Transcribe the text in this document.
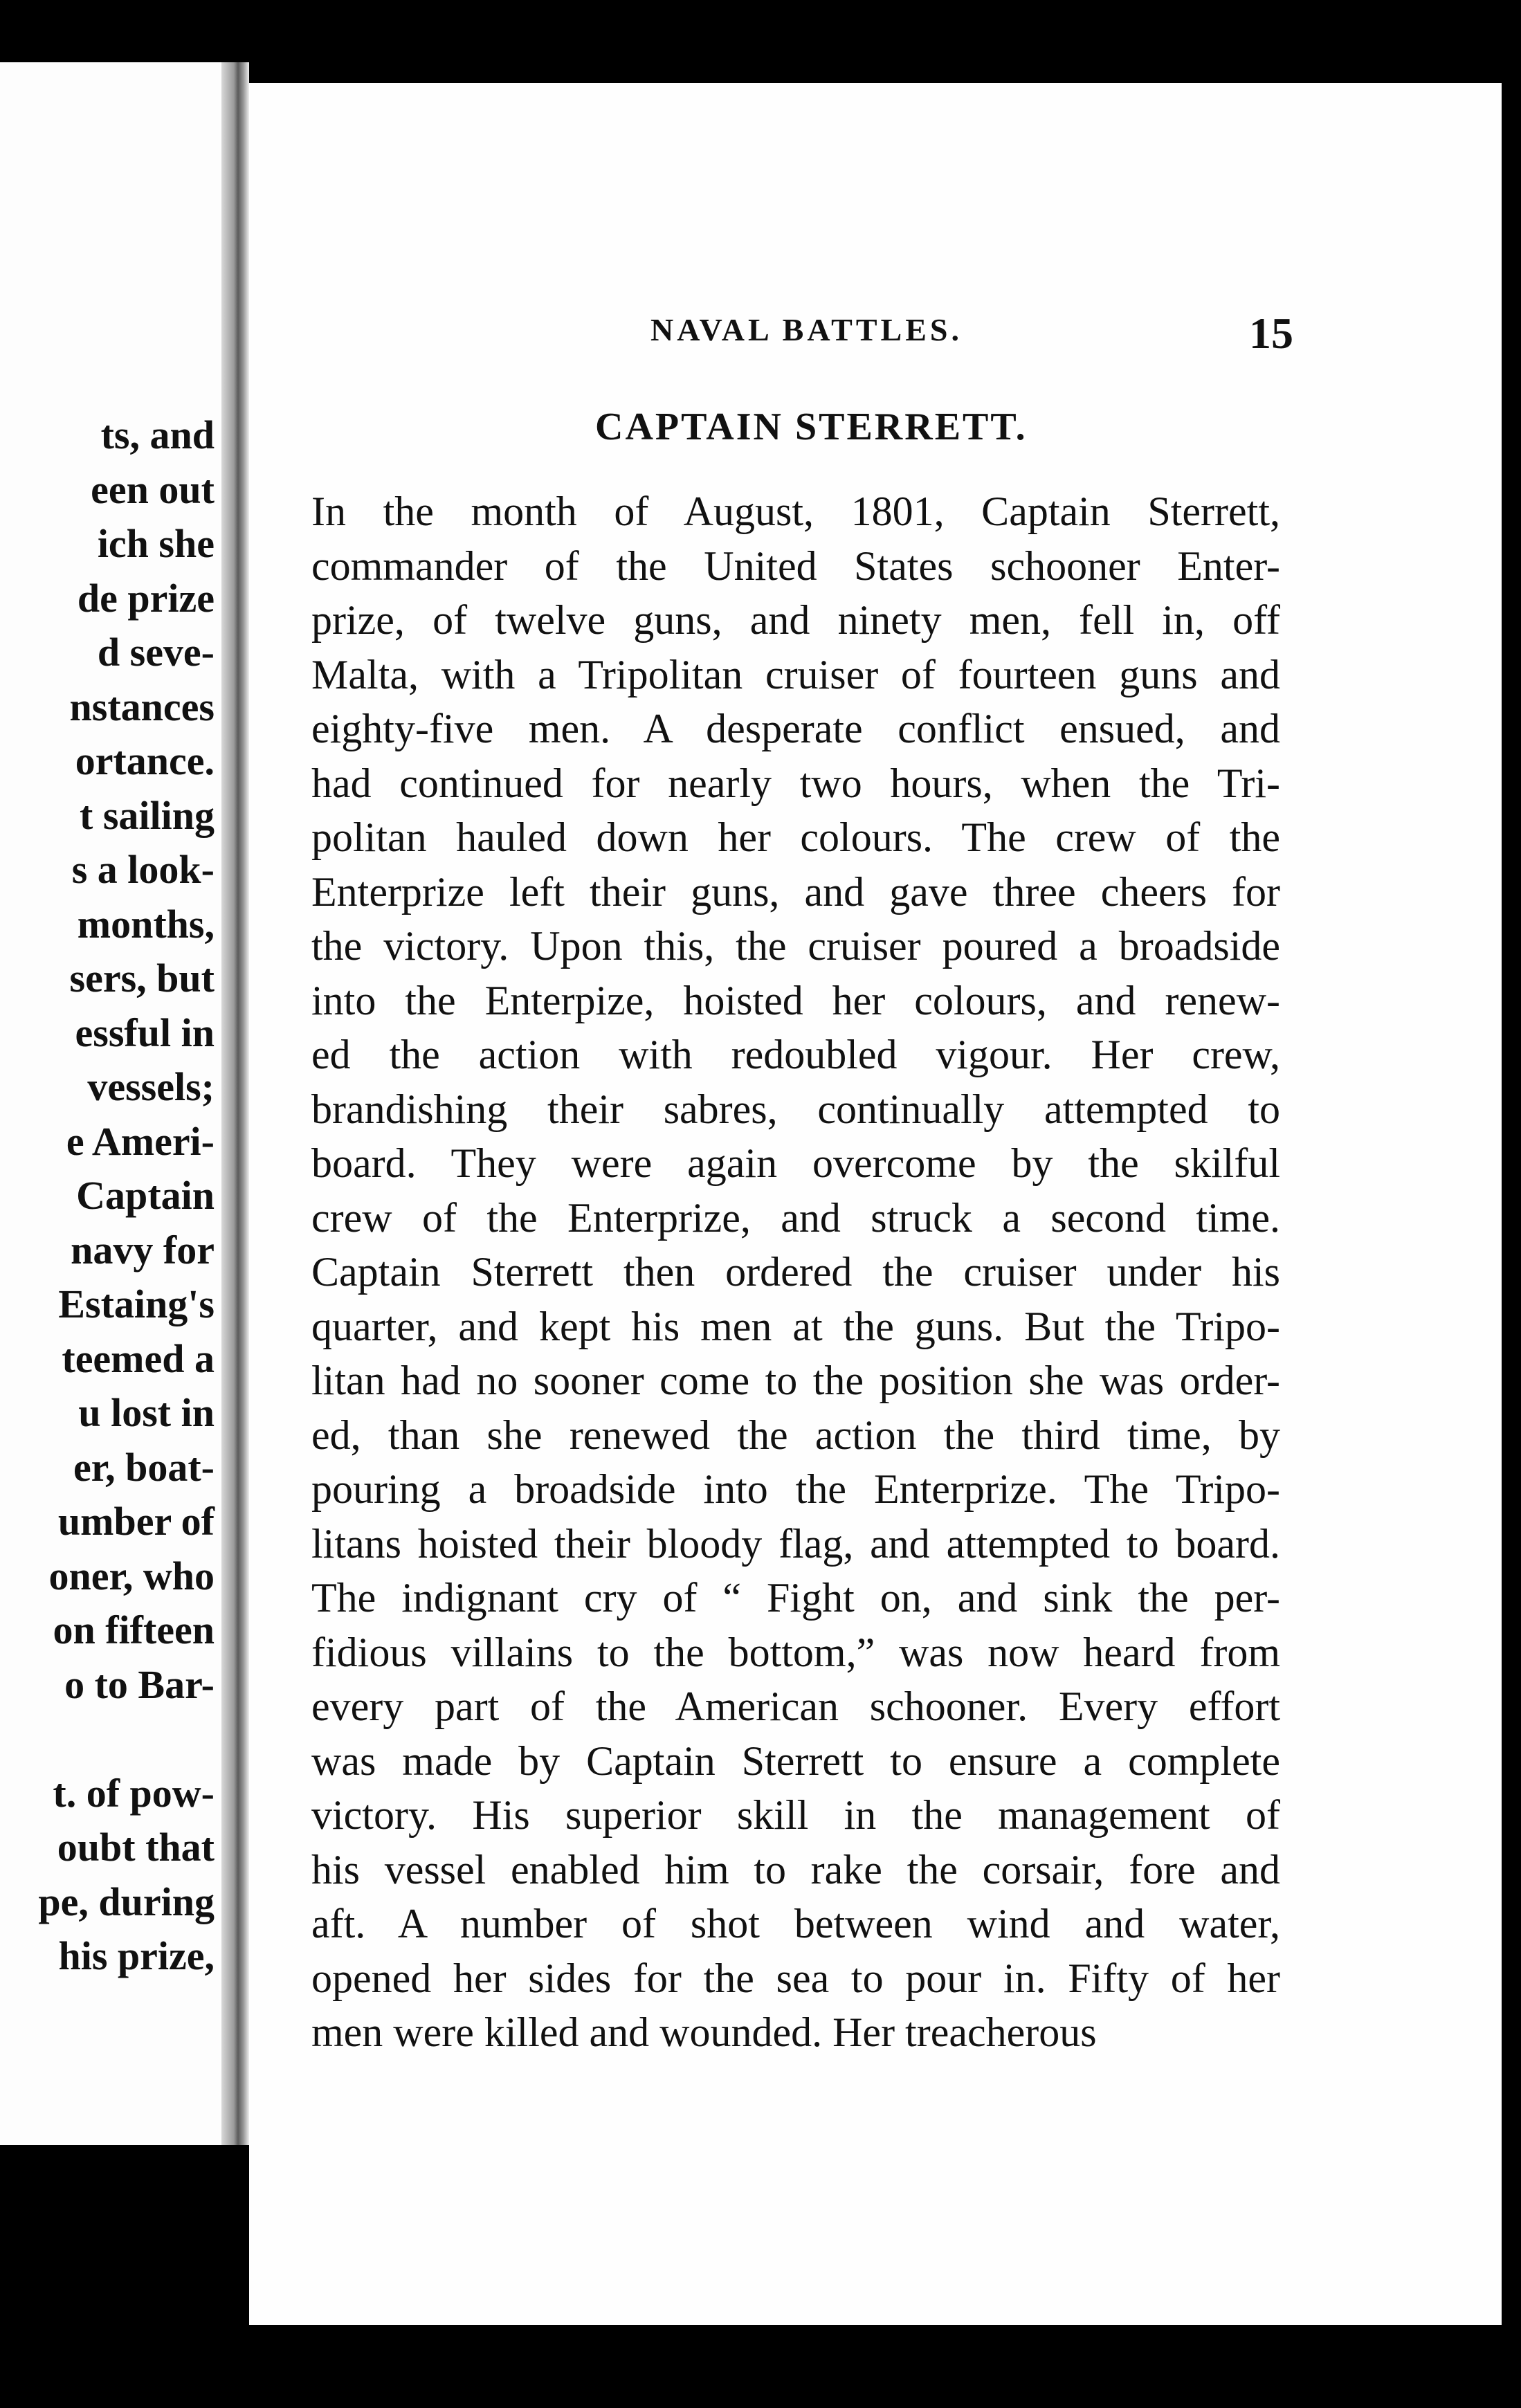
ts, and
een out
ich she
de prize
d seve-
nstances
ortance.
t sailing
s a look-
months,
sers, but
essful in
vessels;
e Ameri-
Captain
navy for
Estaing's
teemed a
u lost in
er, boat-
umber of
oner, who
on fifteen
o to Bar-
t. of pow-
oubt that
pe, during
his prize,
NAVAL BATTLES.	15
CAPTAIN STERRETT.
In the month of August, 1801, Captain Sterrett,
commander of the United States schooner Enter-
prize, of twelve guns, and ninety men, fell in, off
Malta, with a Tripolitan cruiser of fourteen guns and
eighty-five men. A desperate conflict ensued, and
had continued for nearly two hours, when the Tri-
politan hauled down her colours. The crew of the
Enterprize left their guns, and gave three cheers for
the victory. Upon this, the cruiser poured a broadside
into the Enterpize, hoisted her colours, and renew-
ed the action with redoubled vigour. Her crew,
brandishing their sabres, continually attempted to
board. They were again overcome by the skilful
crew of the Enterprize, and struck a second time.
Captain Sterrett then ordered the cruiser under his
quarter, and kept his men at the guns. But the Tripo-
litan had no sooner come to the position she was order-
ed, than she renewed the action the third time, by
pouring a broadside into the Enterprize. The Tripo-
litans hoisted their bloody flag, and attempted to board.
The indignant cry of “ Fight on, and sink the per-
fidious villains to the bottom,” was now heard from
every part of the American schooner. Every effort
was made by Captain Sterrett to ensure a complete
victory. His superior skill in the management of
his vessel enabled him to rake the corsair, fore and
aft. A number of shot between wind and water,
opened her sides for the sea to pour in. Fifty of her
men were killed and wounded. Her treacherous
